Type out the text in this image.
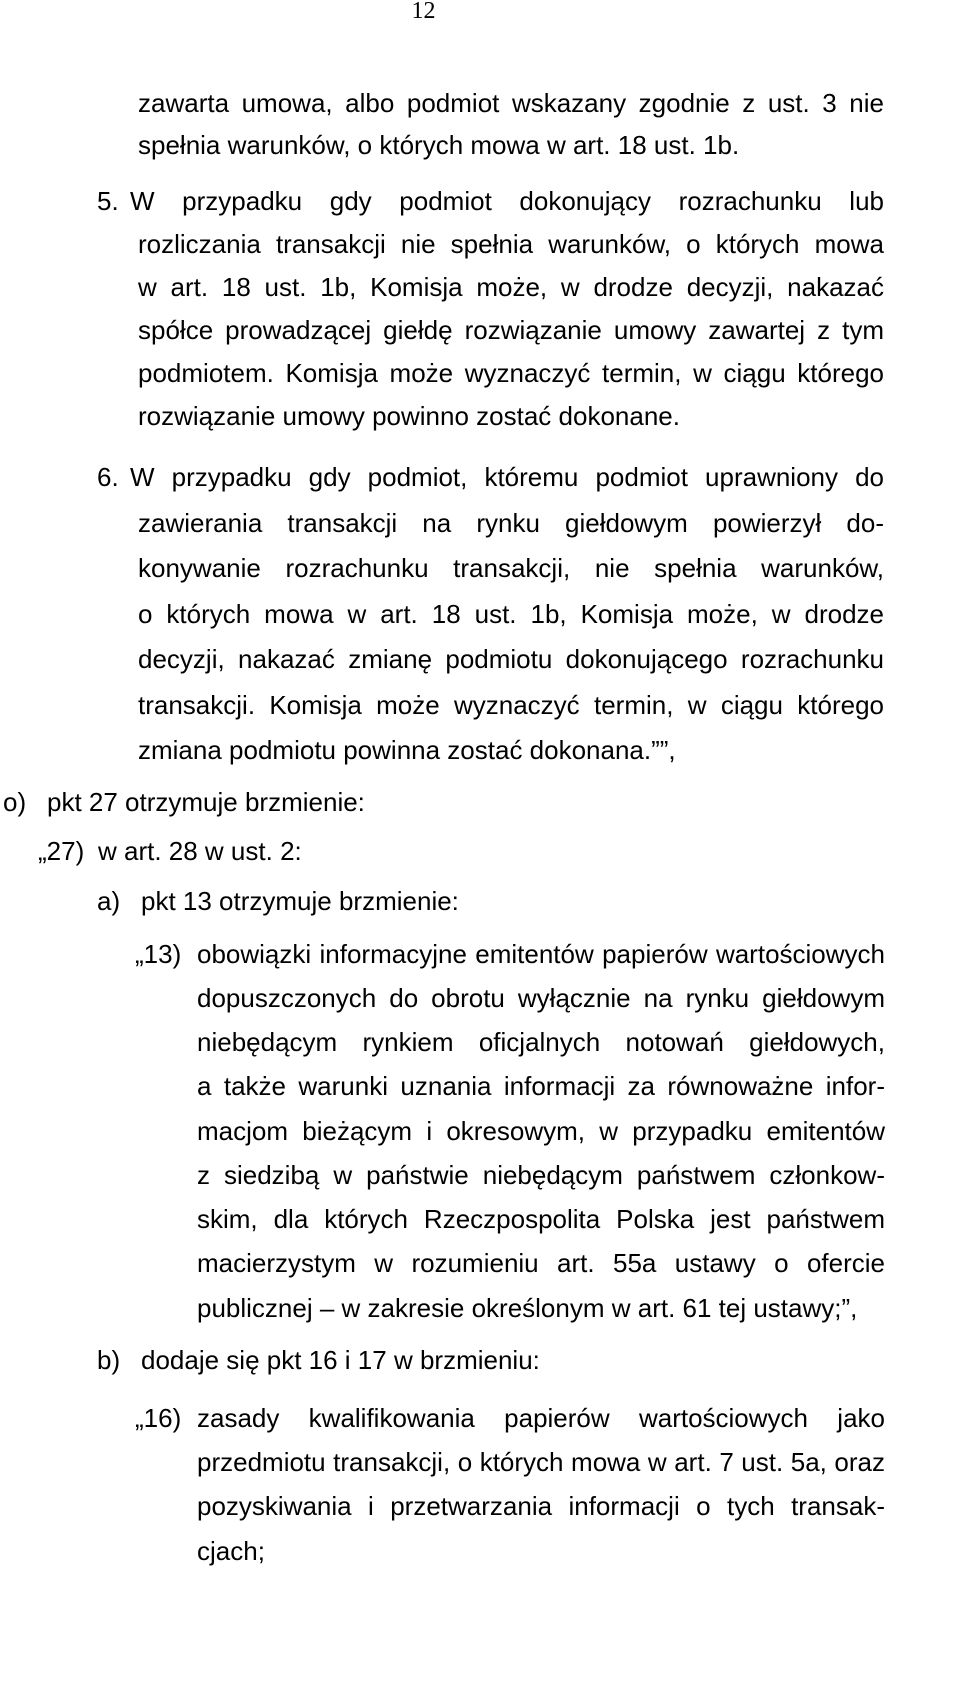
12
zawarta umowa, albo podmiot wskazany zgodnie z ust. 3 nie
spełnia warunków, o których mowa w art. 18 ust. 1b.
5. W przypadku gdy podmiot dokonujący rozrachunku lub
rozliczania transakcji nie spełnia warunków, o których mowa
w art. 18 ust. 1b, Komisja może, w drodze decyzji, nakazać
spółce prowadzącej giełdę rozwiązanie umowy zawartej z tym
podmiotem. Komisja może wyznaczyć termin, w ciągu którego
rozwiązanie umowy powinno zostać dokonane.
6. W przypadku gdy podmiot, któremu podmiot uprawniony do
zawierania transakcji na rynku giełdowym powierzył do-
konywanie rozrachunku transakcji, nie spełnia warunków,
o których mowa w art. 18 ust. 1b, Komisja może, w drodze
decyzji, nakazać zmianę podmiotu dokonującego rozrachunku
transakcji. Komisja może wyznaczyć termin, w ciągu którego
zmiana podmiotu powinna zostać dokonana.””,
o) pkt 27 otrzymuje brzmienie:
„27) w art. 28 w ust. 2:
a) pkt 13 otrzymuje brzmienie:
„13) obowiązki informacyjne emitentów papierów wartościowych
dopuszczonych do obrotu wyłącznie na rynku giełdowym
niebędącym rynkiem oficjalnych notowań giełdowych,
a także warunki uznania informacji za równoważne infor-
macjom bieżącym i okresowym, w przypadku emitentów
z siedzibą w państwie niebędącym państwem członkow-
skim, dla których Rzeczpospolita Polska jest państwem
macierzystym w rozumieniu art. 55a ustawy o ofercie
publicznej – w zakresie określonym w art. 61 tej ustawy;”,
b) dodaje się pkt 16 i 17 w brzmieniu:
„16) zasady kwalifikowania papierów wartościowych jako
przedmiotu transakcji, o których mowa w art. 7 ust. 5a, oraz
pozyskiwania i przetwarzania informacji o tych transak-
cjach;
